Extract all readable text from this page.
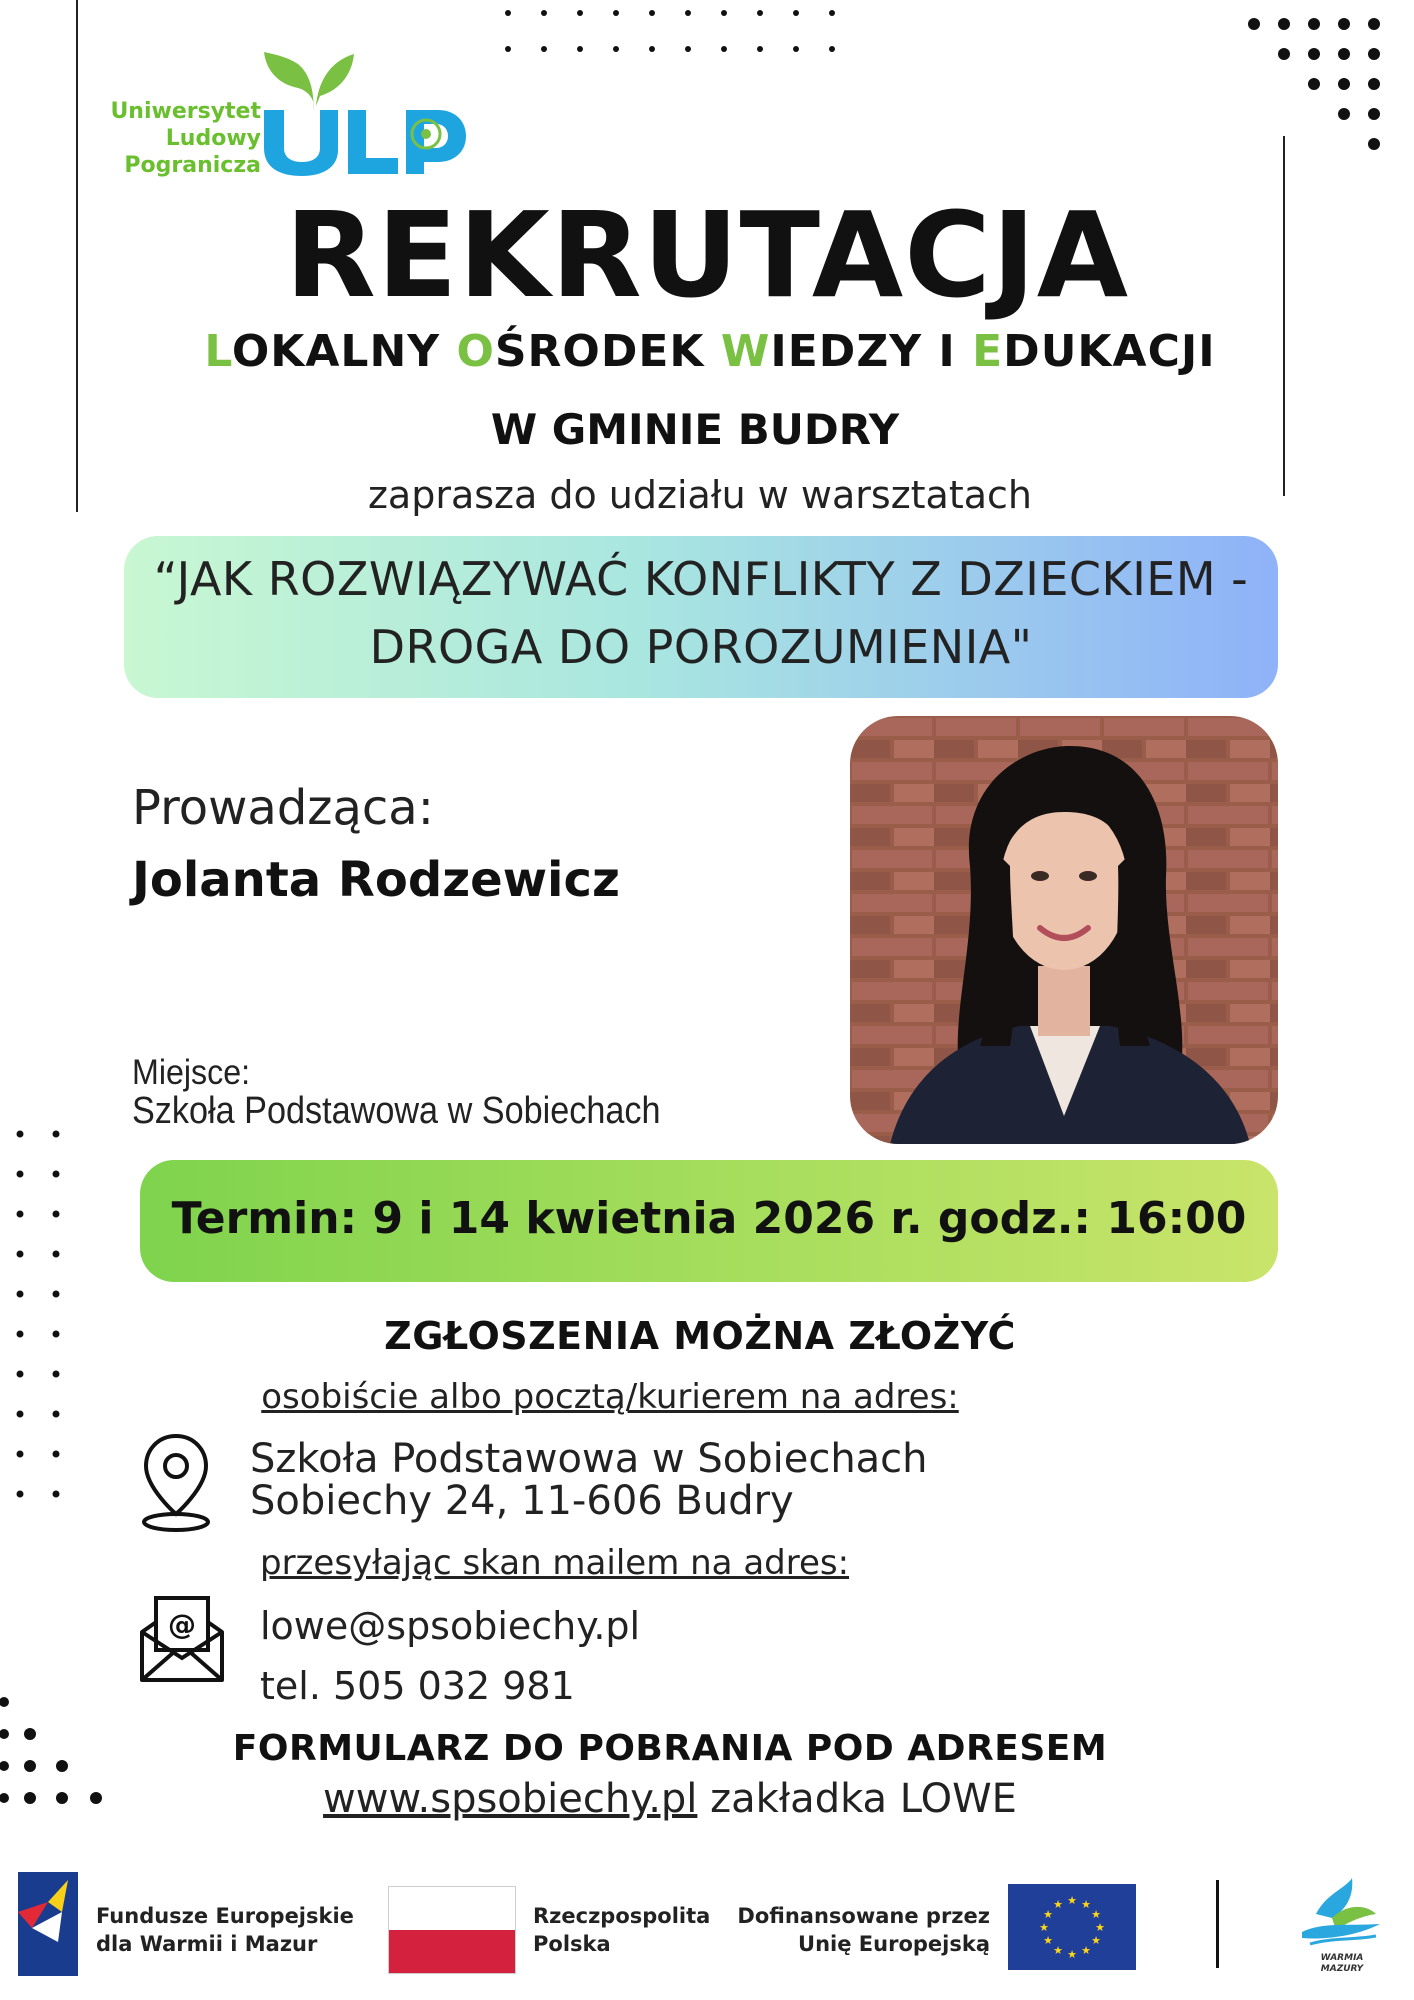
Uniwersytet
Ludowy
Pogranicza
REKRUTACJA
LOKALNY OŚRODEK WIEDZY I EDUKACJI
W GMINIE BUDRY
zaprasza do udziału w warsztatach
“JAK ROZWIĄZYWAĆ KONFLIKTY Z DZIECKIEM -
DROGA DO POROZUMIENIA"
Prowadząca:
Jolanta Rodzewicz
Miejsce:
Szkoła Podstawowa w Sobiechach
Termin: 9 i 14 kwietnia 2026 r. godz.: 16:00
ZGŁOSZENIA MOŻNA ZŁOŻYĆ
osobiście albo pocztą/kurierem na adres:
Szkoła Podstawowa w Sobiechach
Sobiechy 24, 11-606 Budry
przesyłając skan mailem na adres:
@ lowe@spsobiechy.pl
tel. 505 032 981
FORMULARZ DO POBRANIA POD ADRESEM
www.spsobiechy.pl zakładka LOWE
Fundusze Europejskie
dla Warmii i Mazur
Rzeczpospolita
Polska
Dofinansowane przez
Unię Europejską
★ ★
★
★
★
★
★
★
★
★
★
★
WARMIA
MAZURY
